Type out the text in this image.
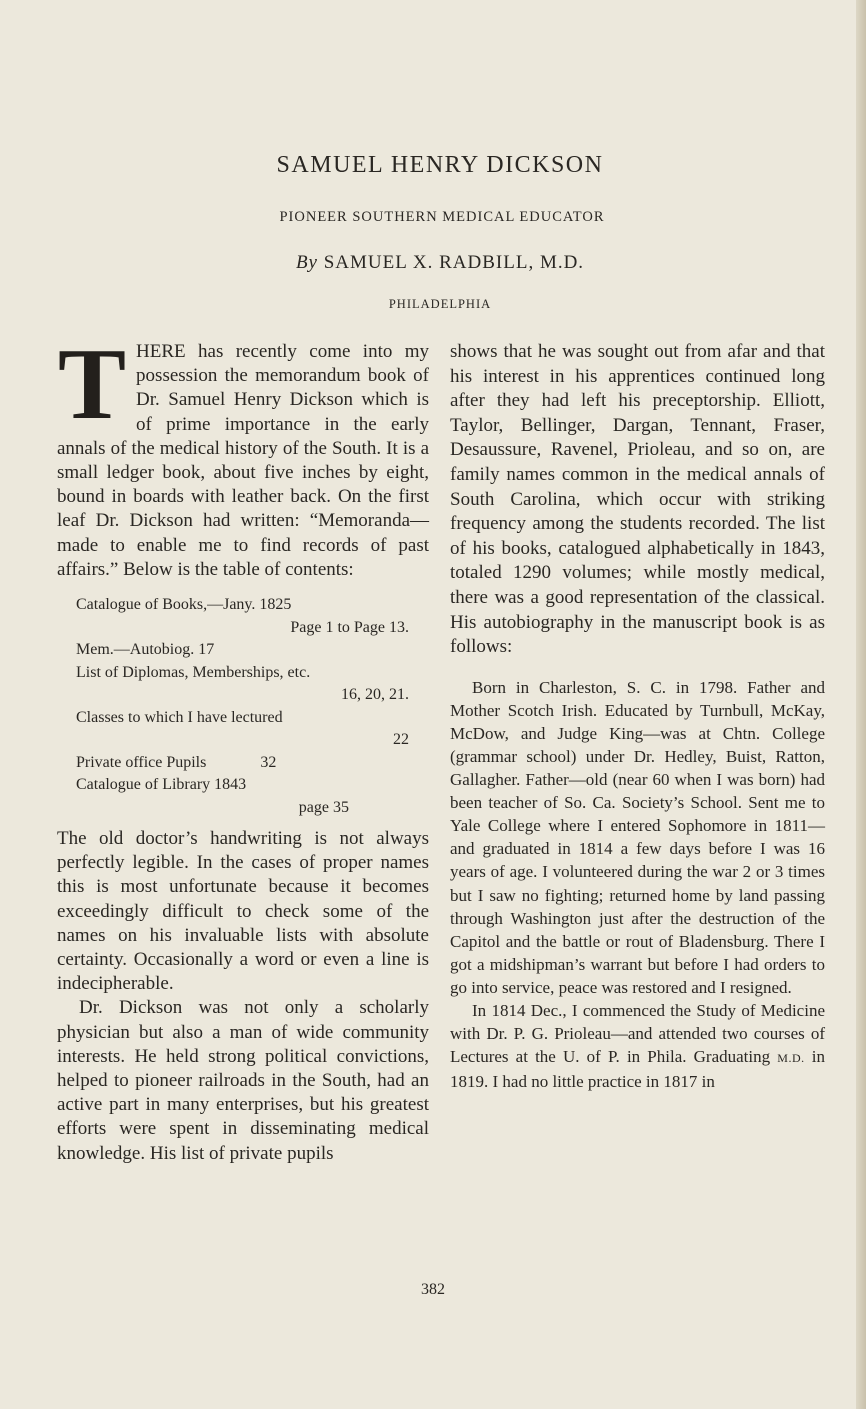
SAMUEL HENRY DICKSON
PIONEER SOUTHERN MEDICAL EDUCATOR
By SAMUEL X. RADBILL, M.D.
PHILADELPHIA

THERE has recently come into my possession the memorandum book of Dr. Samuel Henry Dickson which is of prime importance in the early annals of the medical history of the South. It is a small ledger book, about five inches by eight, bound in boards with leather back. On the first leaf Dr. Dickson had written: “Memoranda—made to enable me to find records of past affairs.” Below is the table of contents:

Catalogue of Books,—Jany. 1825
Page 1 to Page 13.
Mem.—Autobiog. 17
List of Diplomas, Memberships, etc.
16, 20, 21.
Classes to which I have lectured
22
Private office Pupils	32
Catalogue of Library 1843
page 35

The old doctor’s handwriting is not always perfectly legible. In the cases of proper names this is most unfortunate because it becomes exceedingly difficult to check some of the names on his invaluable lists with absolute certainty. Occasionally a word or even a line is indecipherable.

Dr. Dickson was not only a scholarly physician but also a man of wide community interests. He held strong political convictions, helped to pioneer railroads in the South, had an active part in many enterprises, but his greatest efforts were spent in disseminating medical knowledge. His list of private pupils

shows that he was sought out from afar and that his interest in his apprentices continued long after they had left his preceptorship. Elliott, Taylor, Bellinger, Dargan, Tennant, Fraser, Desaussure, Ravenel, Prioleau, and so on, are family names common in the medical annals of South Carolina, which occur with striking frequency among the students recorded. The list of his books, catalogued alphabetically in 1843, totaled 1290 volumes; while mostly medical, there was a good representation of the classical. His autobiography in the manuscript book is as follows:

Born in Charleston, S. C. in 1798. Father and Mother Scotch Irish. Educated by Turnbull, McKay, McDow, and Judge King—was at Chtn. College (grammar school) under Dr. Hedley, Buist, Ratton, Gallagher. Father—old (near 60 when I was born) had been teacher of So. Ca. Society’s School. Sent me to Yale College where I entered Sophomore in 1811—and graduated in 1814 a few days before I was 16 years of age. I volunteered during the war 2 or 3 times but I saw no fighting; returned home by land passing through Washington just after the destruction of the Capitol and the battle or rout of Bladensburg. There I got a midshipman’s warrant but before I had orders to go into service, peace was restored and I resigned.

In 1814 Dec., I commenced the Study of Medicine with Dr. P. G. Prioleau—and attended two courses of Lectures at the U. of P. in Phila. Graduating M.D. in 1819. I had no little practice in 1817 in

382
